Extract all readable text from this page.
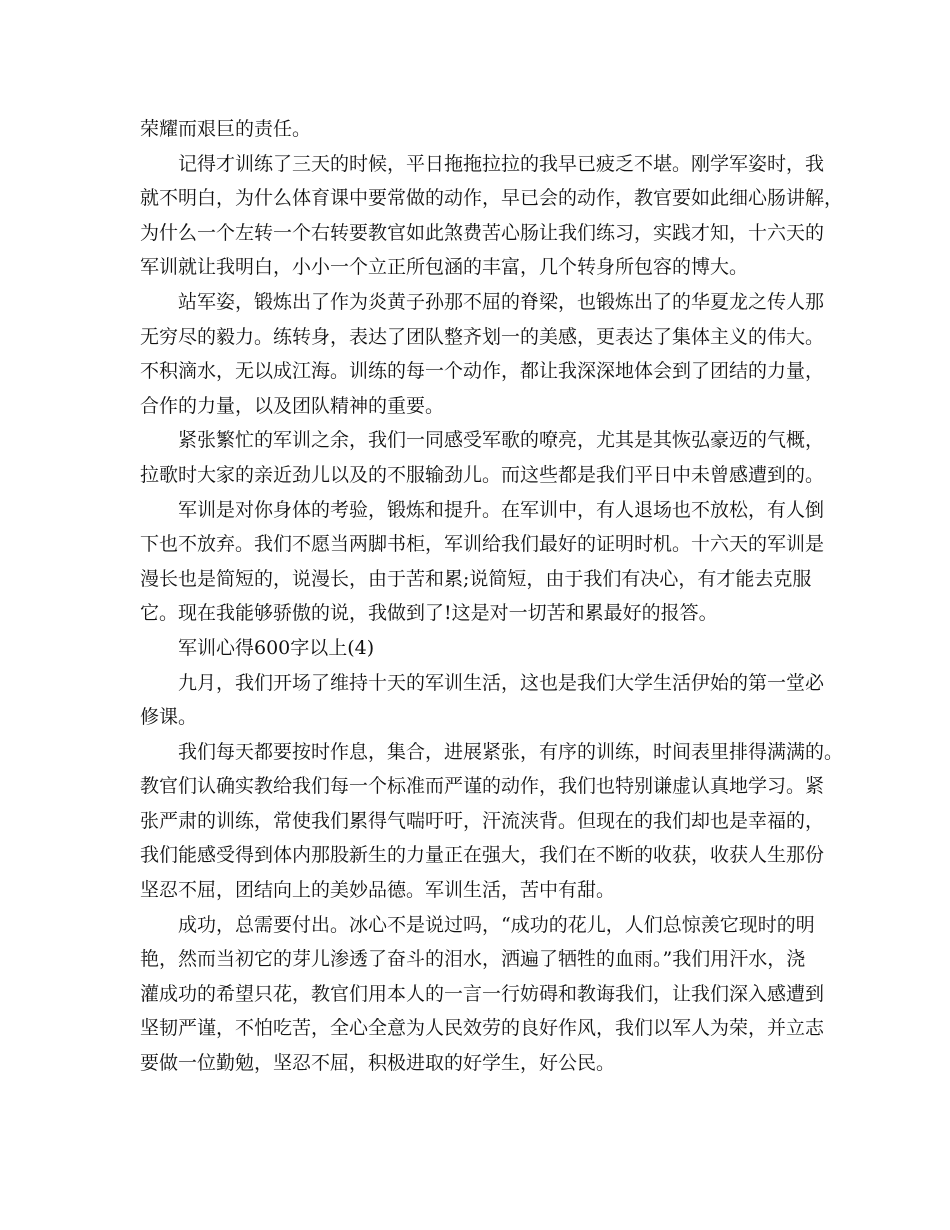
荣耀而艰巨的责任。
记得才训练了三天的时候，平日拖拖拉拉的我早已疲乏不堪。刚学军姿时，我
就不明白，为什么体育课中要常做的动作，早已会的动作，教官要如此细心肠讲解，
为什么一个左转一个右转要教官如此煞费苦心肠让我们练习，实践才知，十六天的
军训就让我明白，小小一个立正所包涵的丰富，几个转身所包容的博大。
站军姿，锻炼出了作为炎黄子孙那不屈的脊梁，也锻炼出了的华夏龙之传人那
无穷尽的毅力。练转身，表达了团队整齐划一的美感，更表达了集体主义的伟大。
不积滴水，无以成江海。训练的每一个动作，都让我深深地体会到了团结的力量，
合作的力量，以及团队精神的重要。
紧张繁忙的军训之余，我们一同感受军歌的嘹亮，尤其是其恢弘豪迈的气概，
拉歌时大家的亲近劲儿以及的不服输劲儿。而这些都是我们平日中未曾感遭到的。
军训是对你身体的考验，锻炼和提升。在军训中，有人退场也不放松，有人倒
下也不放弃。我们不愿当两脚书柜，军训给我们最好的证明时机。十六天的军训是
漫长也是简短的，说漫长，由于苦和累;说简短，由于我们有决心，有才能去克服
它。现在我能够骄傲的说，我做到了!这是对一切苦和累最好的报答。
军训心得600字以上(4)
九月，我们开场了维持十天的军训生活，这也是我们大学生活伊始的第一堂必
修课。
我们每天都要按时作息，集合，进展紧张，有序的训练，时间表里排得满满的。
教官们认确实教给我们每一个标准而严谨的动作，我们也特别谦虚认真地学习。紧
张严肃的训练，常使我们累得气喘吁吁，汗流浃背。但现在的我们却也是幸福的，
我们能感受得到体内那股新生的力量正在强大，我们在不断的收获，收获人生那份
坚忍不屈，团结向上的美妙品德。军训生活，苦中有甜。
成功，总需要付出。冰心不是说过吗，“成功的花儿，人们总惊羡它现时的明
艳，然而当初它的芽儿渗透了奋斗的泪水，洒遍了牺牲的血雨。”我们用汗水，浇
灌成功的希望只花，教官们用本人的一言一行妨碍和教诲我们，让我们深入感遭到
坚韧严谨，不怕吃苦，全心全意为人民效劳的良好作风，我们以军人为荣，并立志
要做一位勤勉，坚忍不屈，积极进取的好学生，好公民。
